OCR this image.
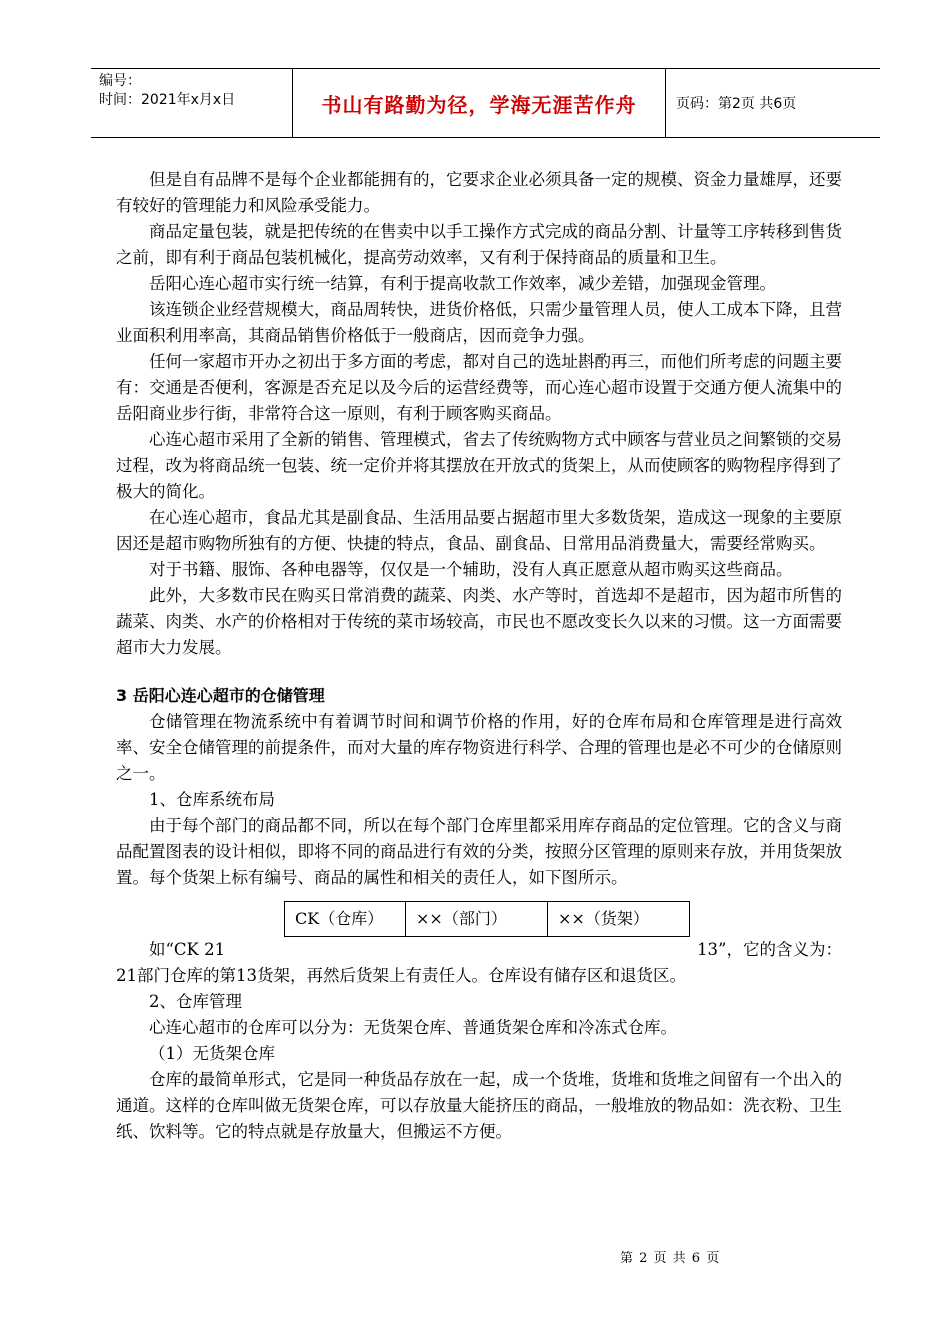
编号：
时间：2021年x月x日	书山有路勤为径，学海无涯苦作舟	页码：第2页 共6页

但是自有品牌不是每个企业都能拥有的，它要求企业必须具备一定的规模、资金力量雄厚，还要有较好的管理能力和风险承受能力。

商品定量包装，就是把传统的在售卖中以手工操作方式完成的商品分割、计量等工序转移到售货之前，即有利于商品包装机械化，提高劳动效率，又有利于保持商品的质量和卫生。

岳阳心连心超市实行统一结算，有利于提高收款工作效率，减少差错，加强现金管理。

该连锁企业经营规模大，商品周转快，进货价格低，只需少量管理人员，使人工成本下降，且营业面积利用率高，其商品销售价格低于一般商店，因而竞争力强。

任何一家超市开办之初出于多方面的考虑，都对自己的选址斟酌再三，而他们所考虑的问题主要有：交通是否便利，客源是否充足以及今后的运营经费等，而心连心超市设置于交通方便人流集中的岳阳商业步行街，非常符合这一原则，有利于顾客购买商品。

心连心超市采用了全新的销售、管理模式，省去了传统购物方式中顾客与营业员之间繁锁的交易过程，改为将商品统一包装、统一定价并将其摆放在开放式的货架上，从而使顾客的购物程序得到了极大的简化。

在心连心超市，食品尤其是副食品、生活用品要占据超市里大多数货架，造成这一现象的主要原因还是超市购物所独有的方便、快捷的特点，食品、副食品、日常用品消费量大，需要经常购买。

对于书籍、服饰、各种电器等，仅仅是一个辅助，没有人真正愿意从超市购买这些商品。

此外，大多数市民在购买日常消费的蔬菜、肉类、水产等时，首选却不是超市，因为超市所售的蔬菜、肉类、水产的价格相对于传统的菜市场较高，市民也不愿改变长久以来的习惯。这一方面需要超市大力发展。

3 岳阳心连心超市的仓储管理

仓储管理在物流系统中有着调节时间和调节价格的作用，好的仓库布局和仓库管理是进行高效率、安全仓储管理的前提条件，而对大量的库存物资进行科学、合理的管理也是必不可少的仓储原则之一。

1、仓库系统布局

由于每个部门的商品都不同，所以在每个部门仓库里都采用库存商品的定位管理。它的含义与商品配置图表的设计相似，即将不同的商品进行有效的分类，按照分区管理的原则来存放，并用货架放置。每个货架上标有编号、商品的属性和相关的责任人，如下图所示。

CK（仓库）	××（部门）	××（货架）

如“CK 21	13”，它的含义为：

21部门仓库的第13货架，再然后货架上有责任人。仓库设有储存区和退货区。

2、仓库管理

心连心超市的仓库可以分为：无货架仓库、普通货架仓库和冷冻式仓库。

（1）无货架仓库

仓库的最简单形式，它是同一种货品存放在一起，成一个货堆，货堆和货堆之间留有一个出入的通道。这样的仓库叫做无货架仓库，可以存放量大能挤压的商品，一般堆放的物品如：洗衣粉、卫生纸、饮料等。它的特点就是存放量大，但搬运不方便。

第 2 页 共 6 页
